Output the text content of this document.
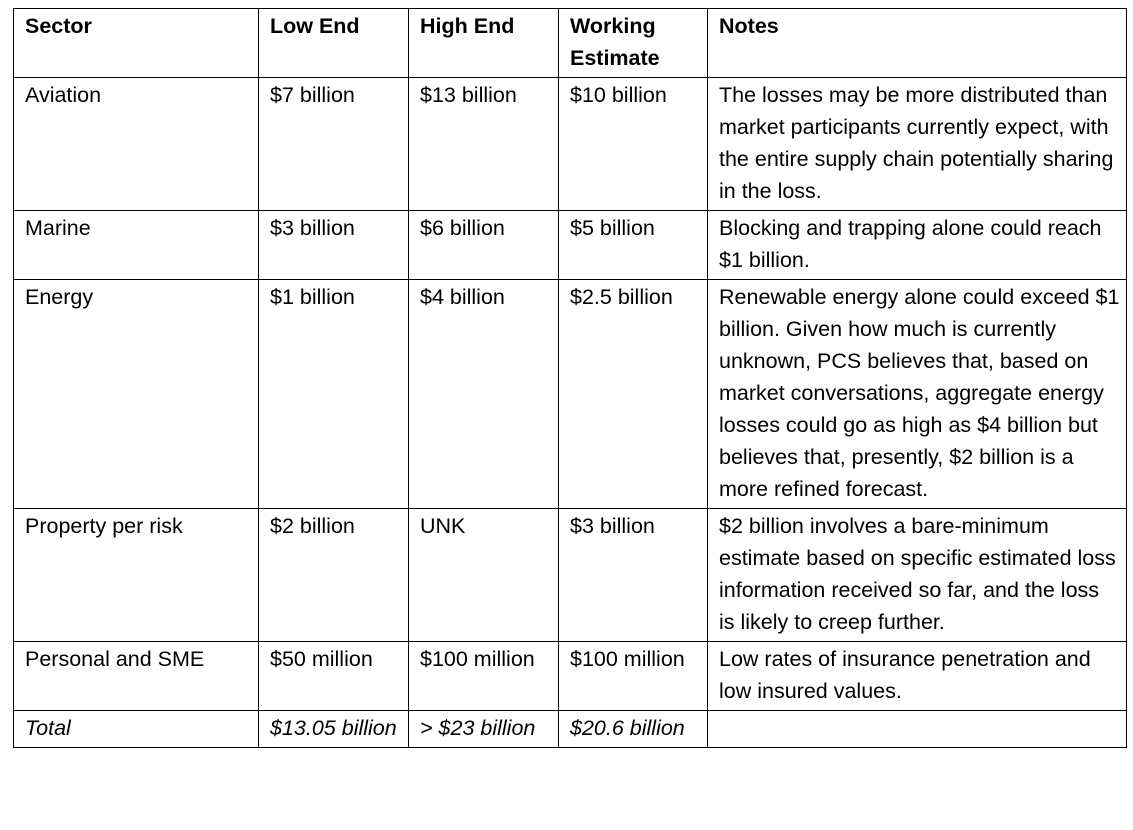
Sector	Low End	High End	Working Estimate	Notes
Aviation	$7 billion	$13 billion	$10 billion	The losses may be more distributed than market participants currently expect, with the entire supply chain potentially sharing in the loss.
Marine	$3 billion	$6 billion	$5 billion	Blocking and trapping alone could reach $1 billion.
Energy	$1 billion	$4 billion	$2.5 billion	Renewable energy alone could exceed $1 billion. Given how much is currently unknown, PCS believes that, based on market conversations, aggregate energy losses could go as high as $4 billion but believes that, presently, $2 billion is a more refined forecast.
Property per risk	$2 billion	UNK	$3 billion	$2 billion involves a bare-minimum estimate based on specific estimated loss information received so far, and the loss is likely to creep further.
Personal and SME	$50 million	$100 million	$100 million	Low rates of insurance penetration and low insured values.
Total	$13.05 billion	> $23 billion	$20.6 billion	
